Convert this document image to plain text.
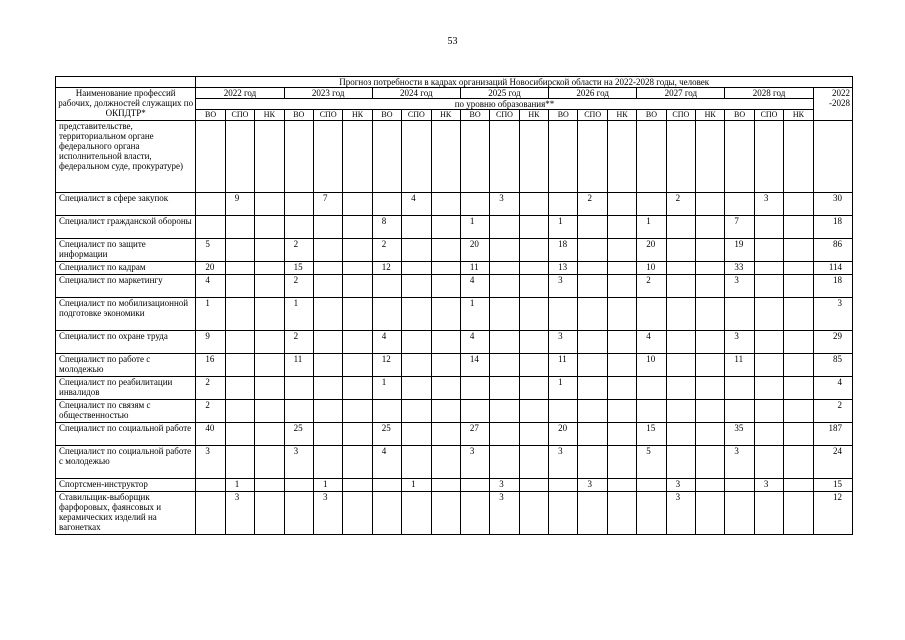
53
	Прогноз потребности в кадрах организаций Новосибирской области на 2022-2028 годы, человек																					
Наименование профессий рабочих, должностей служащих по ОКПДТР*	2022 год			2023 год			2024 год			2025 год			2026 год			2027 год			2028 год			2022 -2028
	по уровню образования**																					
	ВО	СПО	НК	ВО	СПО	НК	ВО	СПО	НК	ВО	СПО	НК	ВО	СПО	НК	ВО	СПО	НК	ВО	СПО	НК	
представительстве, территориальном органе федерального органа исполнительной власти, федеральном суде, прокуратуре)																						
Специалист в сфере закупок		9			7			4			3			2			2			3		30
Специалист гражданской обороны							8			1			1			1			7			18
Специалист по защите информации	5			2			2			20			18			20			19			86
Специалист по кадрам	20			15			12			11			13			10			33			114
Специалист по маркетингу	4			2						4			3			2			3			18
Специалист по мобилизационной подготовке экономики	1			1						1												3
Специалист по охране труда	9			2			4			4			3			4			3			29
Специалист по работе с молодежью	16			11			12			14			11			10			11			85
Специалист по реабилитации инвалидов	2						1						1									4
Специалист по связям с общественностью	2																					2
Специалист по социальной работе	40			25			25			27			20			15			35			187
Специалист по социальной работе с молодежью	3			3			4			3			3			5			3			24
Спортсмен-инструктор		1			1			1			3			3			3			3		15
Ставильщик-выборщик фарфоровых, фаянсовых и керамических изделий на вагонетках		3			3						3						3					12
